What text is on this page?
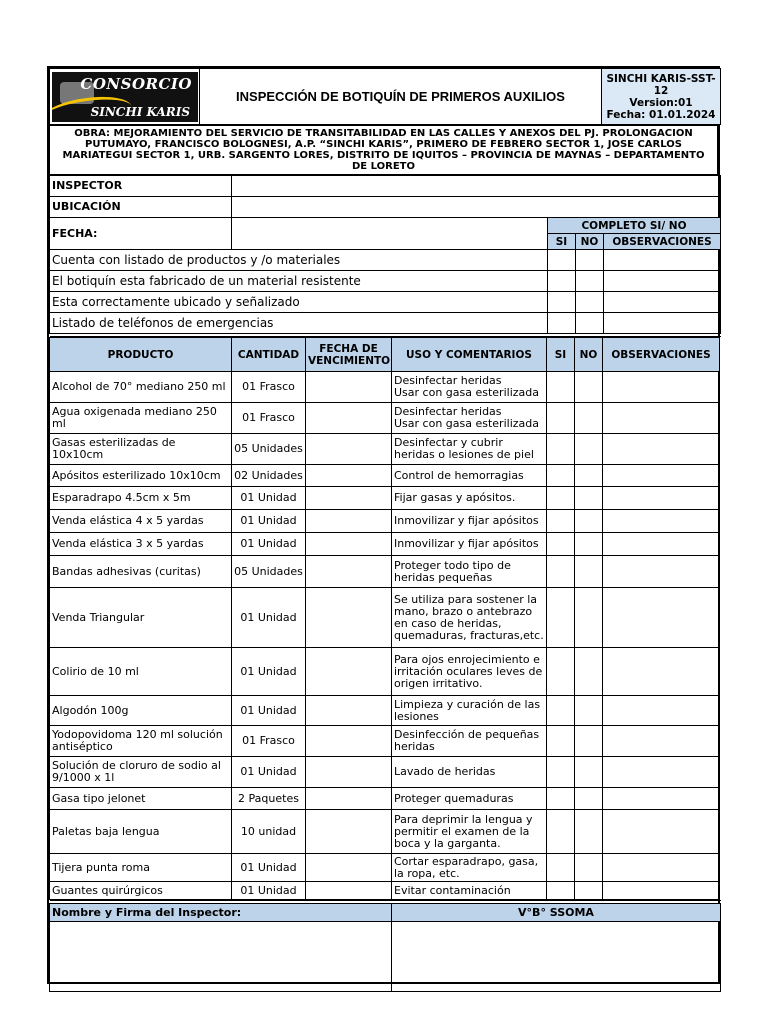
CONSORCIO
SINCHI KARIS
	INSPECCIÓN DE BOTIQUÍN DE PRIMEROS AUXILIOS	
SINCHI KARIS-SST-12
Version:01
Fecha: 01.01.2024
OBRA: MEJORAMIENTO DEL SERVICIO DE TRANSITABILIDAD EN LAS CALLES Y ANEXOS DEL PJ. PROLONGACION PUTUMAYO, FRANCISCO BOLOGNESI, A.P. “SINCHI KARIS”, PRIMERO DE FEBRERO SECTOR 1, JOSE CARLOS MARIATEGUI SECTOR 1, URB. SARGENTO LORES, DISTRITO DE IQUITOS – PROVINCIA DE MAYNAS – DEPARTAMENTO DE LORETO
INSPECTOR				
UBICACIÓN				
FECHA:		COMPLETO SI/ NO		
		SI	NO	OBSERVACIONES
Cuenta con listado de productos y /o materiales				
El botiquín esta fabricado de un material resistente				
Esta correctamente ubicado y señalizado				
Listado de teléfonos de emergencias				

PRODUCTO	CANTIDAD	FECHA DE VENCIMIENTO	USO Y COMENTARIOS	SI	NO	OBSERVACIONES
Alcohol de 70° mediano 250 ml	01 Frasco		Desinfectar heridas
Usar con gasa esterilizada			
Agua oxigenada mediano 250 ml	01 Frasco		Desinfectar heridas
Usar con gasa esterilizada			
Gasas esterilizadas de 10x10cm	05 Unidades		Desinfectar y cubrir heridas o lesiones de piel			
Apósitos esterilizado 10x10cm	02 Unidades		Control de hemorragias			
Esparadrapo 4.5cm x 5m	01 Unidad		Fijar gasas y apósitos.			
Venda elástica 4 x 5 yardas	01 Unidad		Inmovilizar y fijar apósitos			
Venda elástica 3 x 5 yardas	01 Unidad		Inmovilizar y fijar apósitos			
Bandas adhesivas (curitas)	05 Unidades		Proteger todo tipo de heridas pequeñas			
Venda Triangular	01 Unidad		Se utiliza para sostener la mano, brazo o antebrazo en caso de heridas, quemaduras, fracturas,etc.			
Colirio de 10 ml	01 Unidad		Para ojos enrojecimiento e irritación oculares leves de origen irritativo.			
Algodón 100g	01 Unidad		Limpieza y curación de las lesiones			
Yodopovidoma 120 ml solución antiséptico	01 Frasco		Desinfección de pequeñas heridas			
Solución de cloruro de sodio al 9/1000 x 1l	01 Unidad		Lavado de heridas			
Gasa tipo jelonet	2 Paquetes		Proteger quemaduras			
Paletas baja lengua	10 unidad		Para deprimir la lengua y permitir el examen de la boca y la garganta.			
Tijera punta roma	01 Unidad		Cortar esparadrapo, gasa, la ropa, etc.			
Guantes quirúrgicos	01 Unidad		Evitar contaminación			

Nombre y Firma del Inspector:	V°B° SSOMA
